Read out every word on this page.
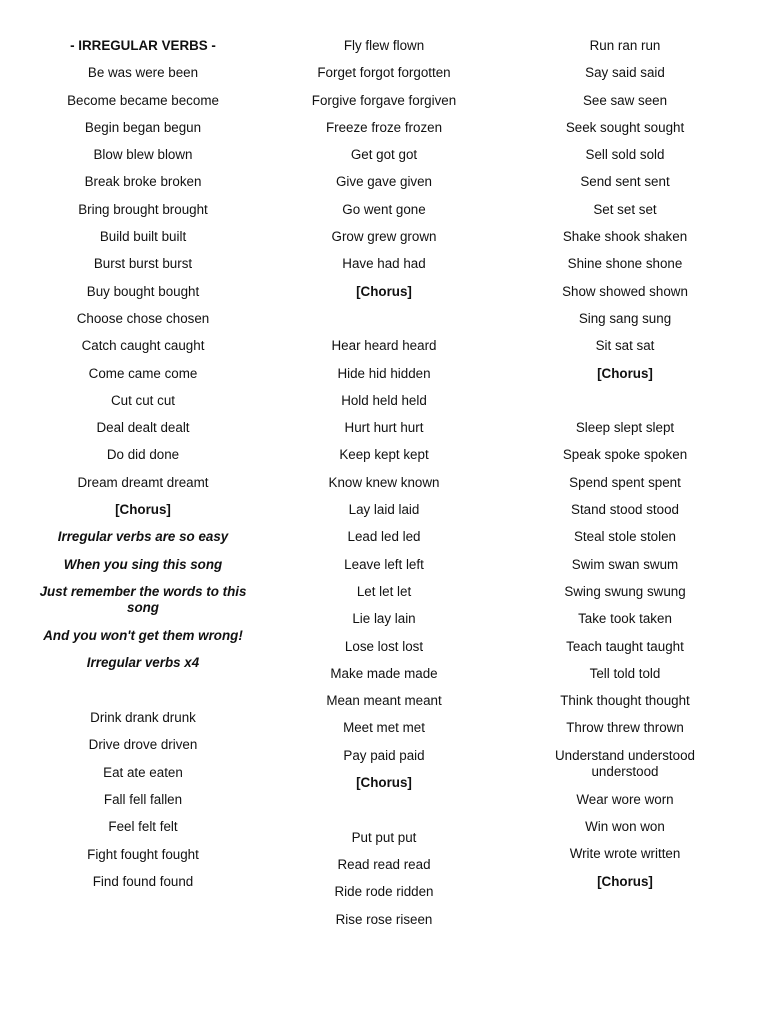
- IRREGULAR VERBS -
Be was were been
Become became become
Begin began begun
Blow blew blown
Break broke broken
Bring brought brought
Build built built
Burst burst burst
Buy bought bought
Choose chose chosen
Catch caught caught
Come came come
Cut cut cut
Deal dealt dealt
Do did done
Dream dreamt dreamt
[Chorus]
Irregular verbs are so easy
When you sing this song
Just remember the words to this song
And you won't get them wrong!
Irregular verbs x4
Drink drank drunk
Drive drove driven
Eat ate eaten
Fall fell fallen
Feel felt felt
Fight fought fought
Find found found
Fly flew flown
Forget forgot forgotten
Forgive forgave forgiven
Freeze froze frozen
Get got got
Give gave given
Go went gone
Grow grew grown
Have had had
[Chorus]
Hear heard heard
Hide hid hidden
Hold held held
Hurt hurt hurt
Keep kept kept
Know knew known
Lay laid laid
Lead led led
Leave left left
Let let let
Lie lay lain
Lose lost lost
Make made made
Mean meant meant
Meet met met
Pay paid paid
[Chorus]
Put put put
Read read read
Ride rode ridden
Rise rose riseen
Run ran run
Say said said
See saw seen
Seek sought sought
Sell sold sold
Send sent sent
Set set set
Shake shook shaken
Shine shone shone
Show showed shown
Sing sang sung
Sit sat sat
[Chorus]
Sleep slept slept
Speak spoke spoken
Spend spent spent
Stand stood stood
Steal stole stolen
Swim swan swum
Swing swung swung
Take took taken
Teach taught taught
Tell told told
Think thought thought
Throw threw thrown
Understand understood understood
Wear wore worn
Win won won
Write wrote written
[Chorus]
